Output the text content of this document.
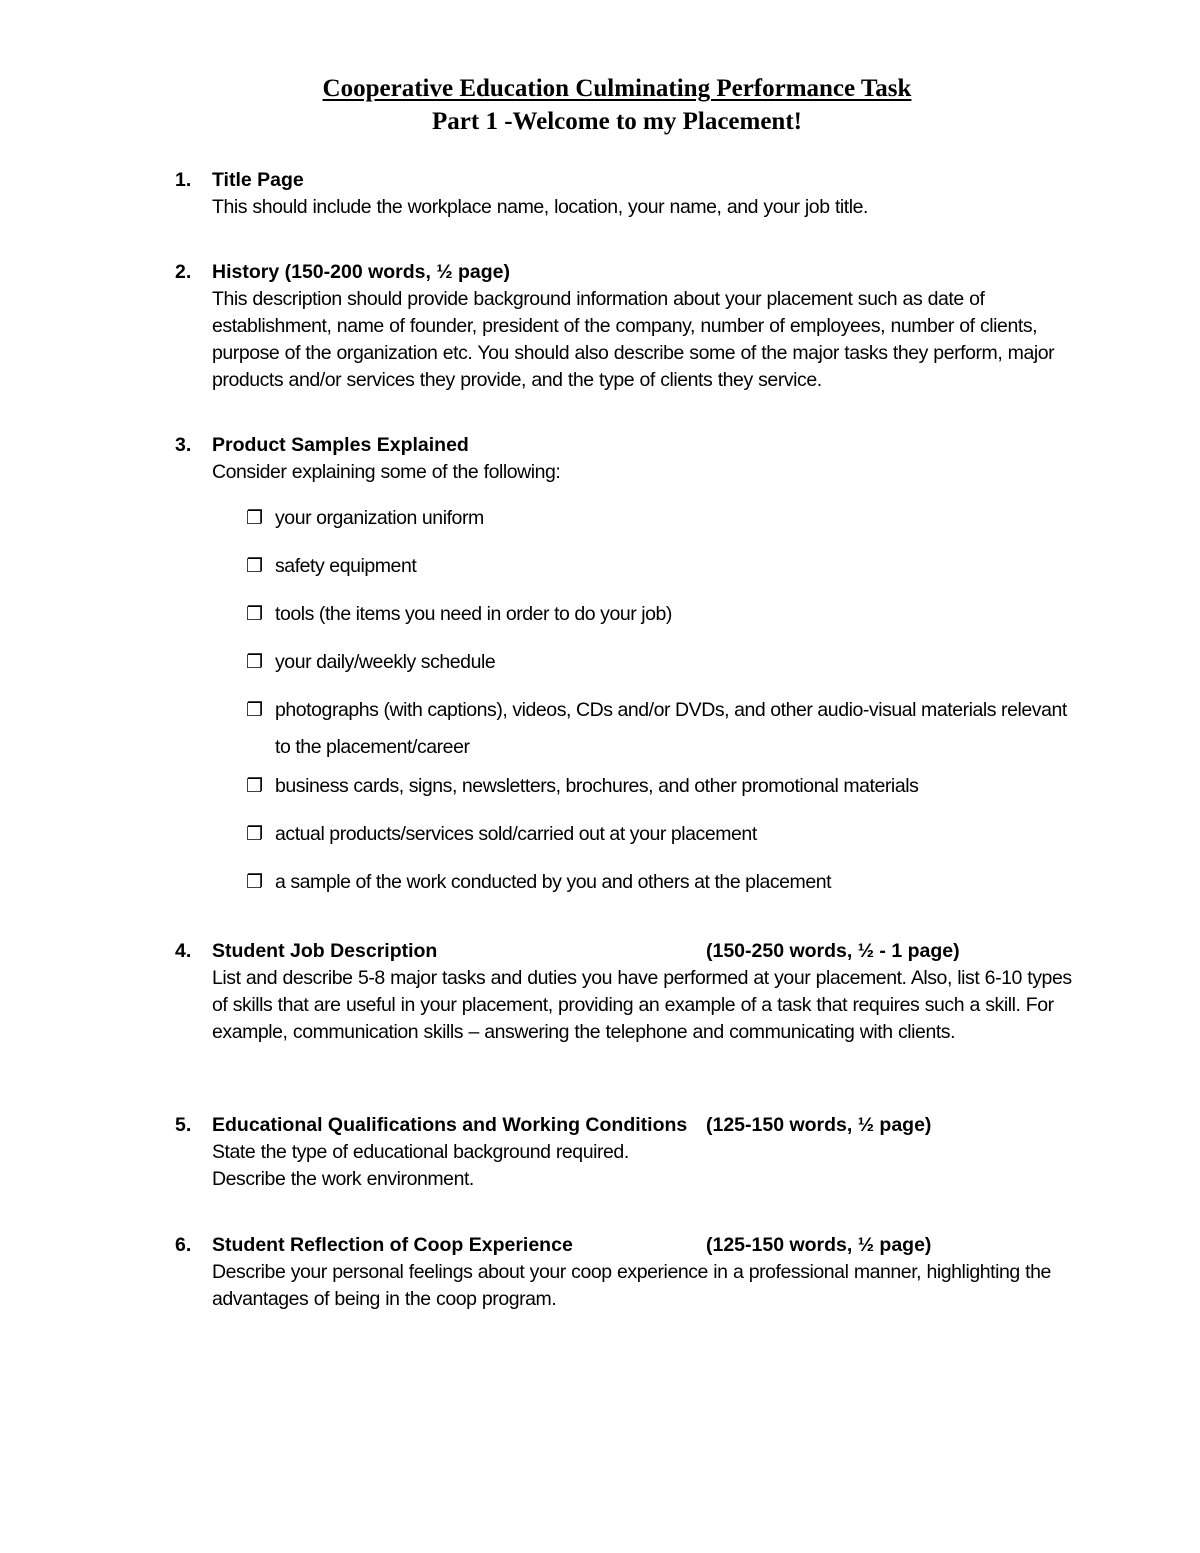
Cooperative Education Culminating Performance Task
Part 1 -Welcome to my Placement!
1. Title Page

This should include the workplace name, location, your name, and your job title.

2. History (150-200 words, ½ page)

This description should provide background information about your placement such as date of establishment, name of founder, president of the company, number of employees, number of clients, purpose of the organization etc. You should also describe some of the major tasks they perform, major products and/or services they provide, and the type of clients they service.

3. Product Samples Explained

Consider explaining some of the following:

❐ your organization uniform
❐ safety equipment
❐ tools (the items you need in order to do your job)
❐ your daily/weekly schedule
❐ photographs (with captions), videos, CDs and/or DVDs, and other audio-visual materials relevant to the placement/career
❐ business cards, signs, newsletters, brochures, and other promotional materials
❐ actual products/services sold/carried out at your placement
❐ a sample of the work conducted by you and others at the placement
4. Student Job Description	(150-250 words, ½ - 1 page)

List and describe 5-8 major tasks and duties you have performed at your placement. Also, list 6-10 types of skills that are useful in your placement, providing an example of a task that requires such a skill. For example, communication skills – answering the telephone and communicating with clients.

5. Educational Qualifications and Working Conditions (125-150 words, ½ page)

State the type of educational background required.

Describe the work environment.

6. Student Reflection of Coop Experience	(125-150 words, ½ page)

Describe your personal feelings about your coop experience in a professional manner, highlighting the advantages of being in the coop program.
